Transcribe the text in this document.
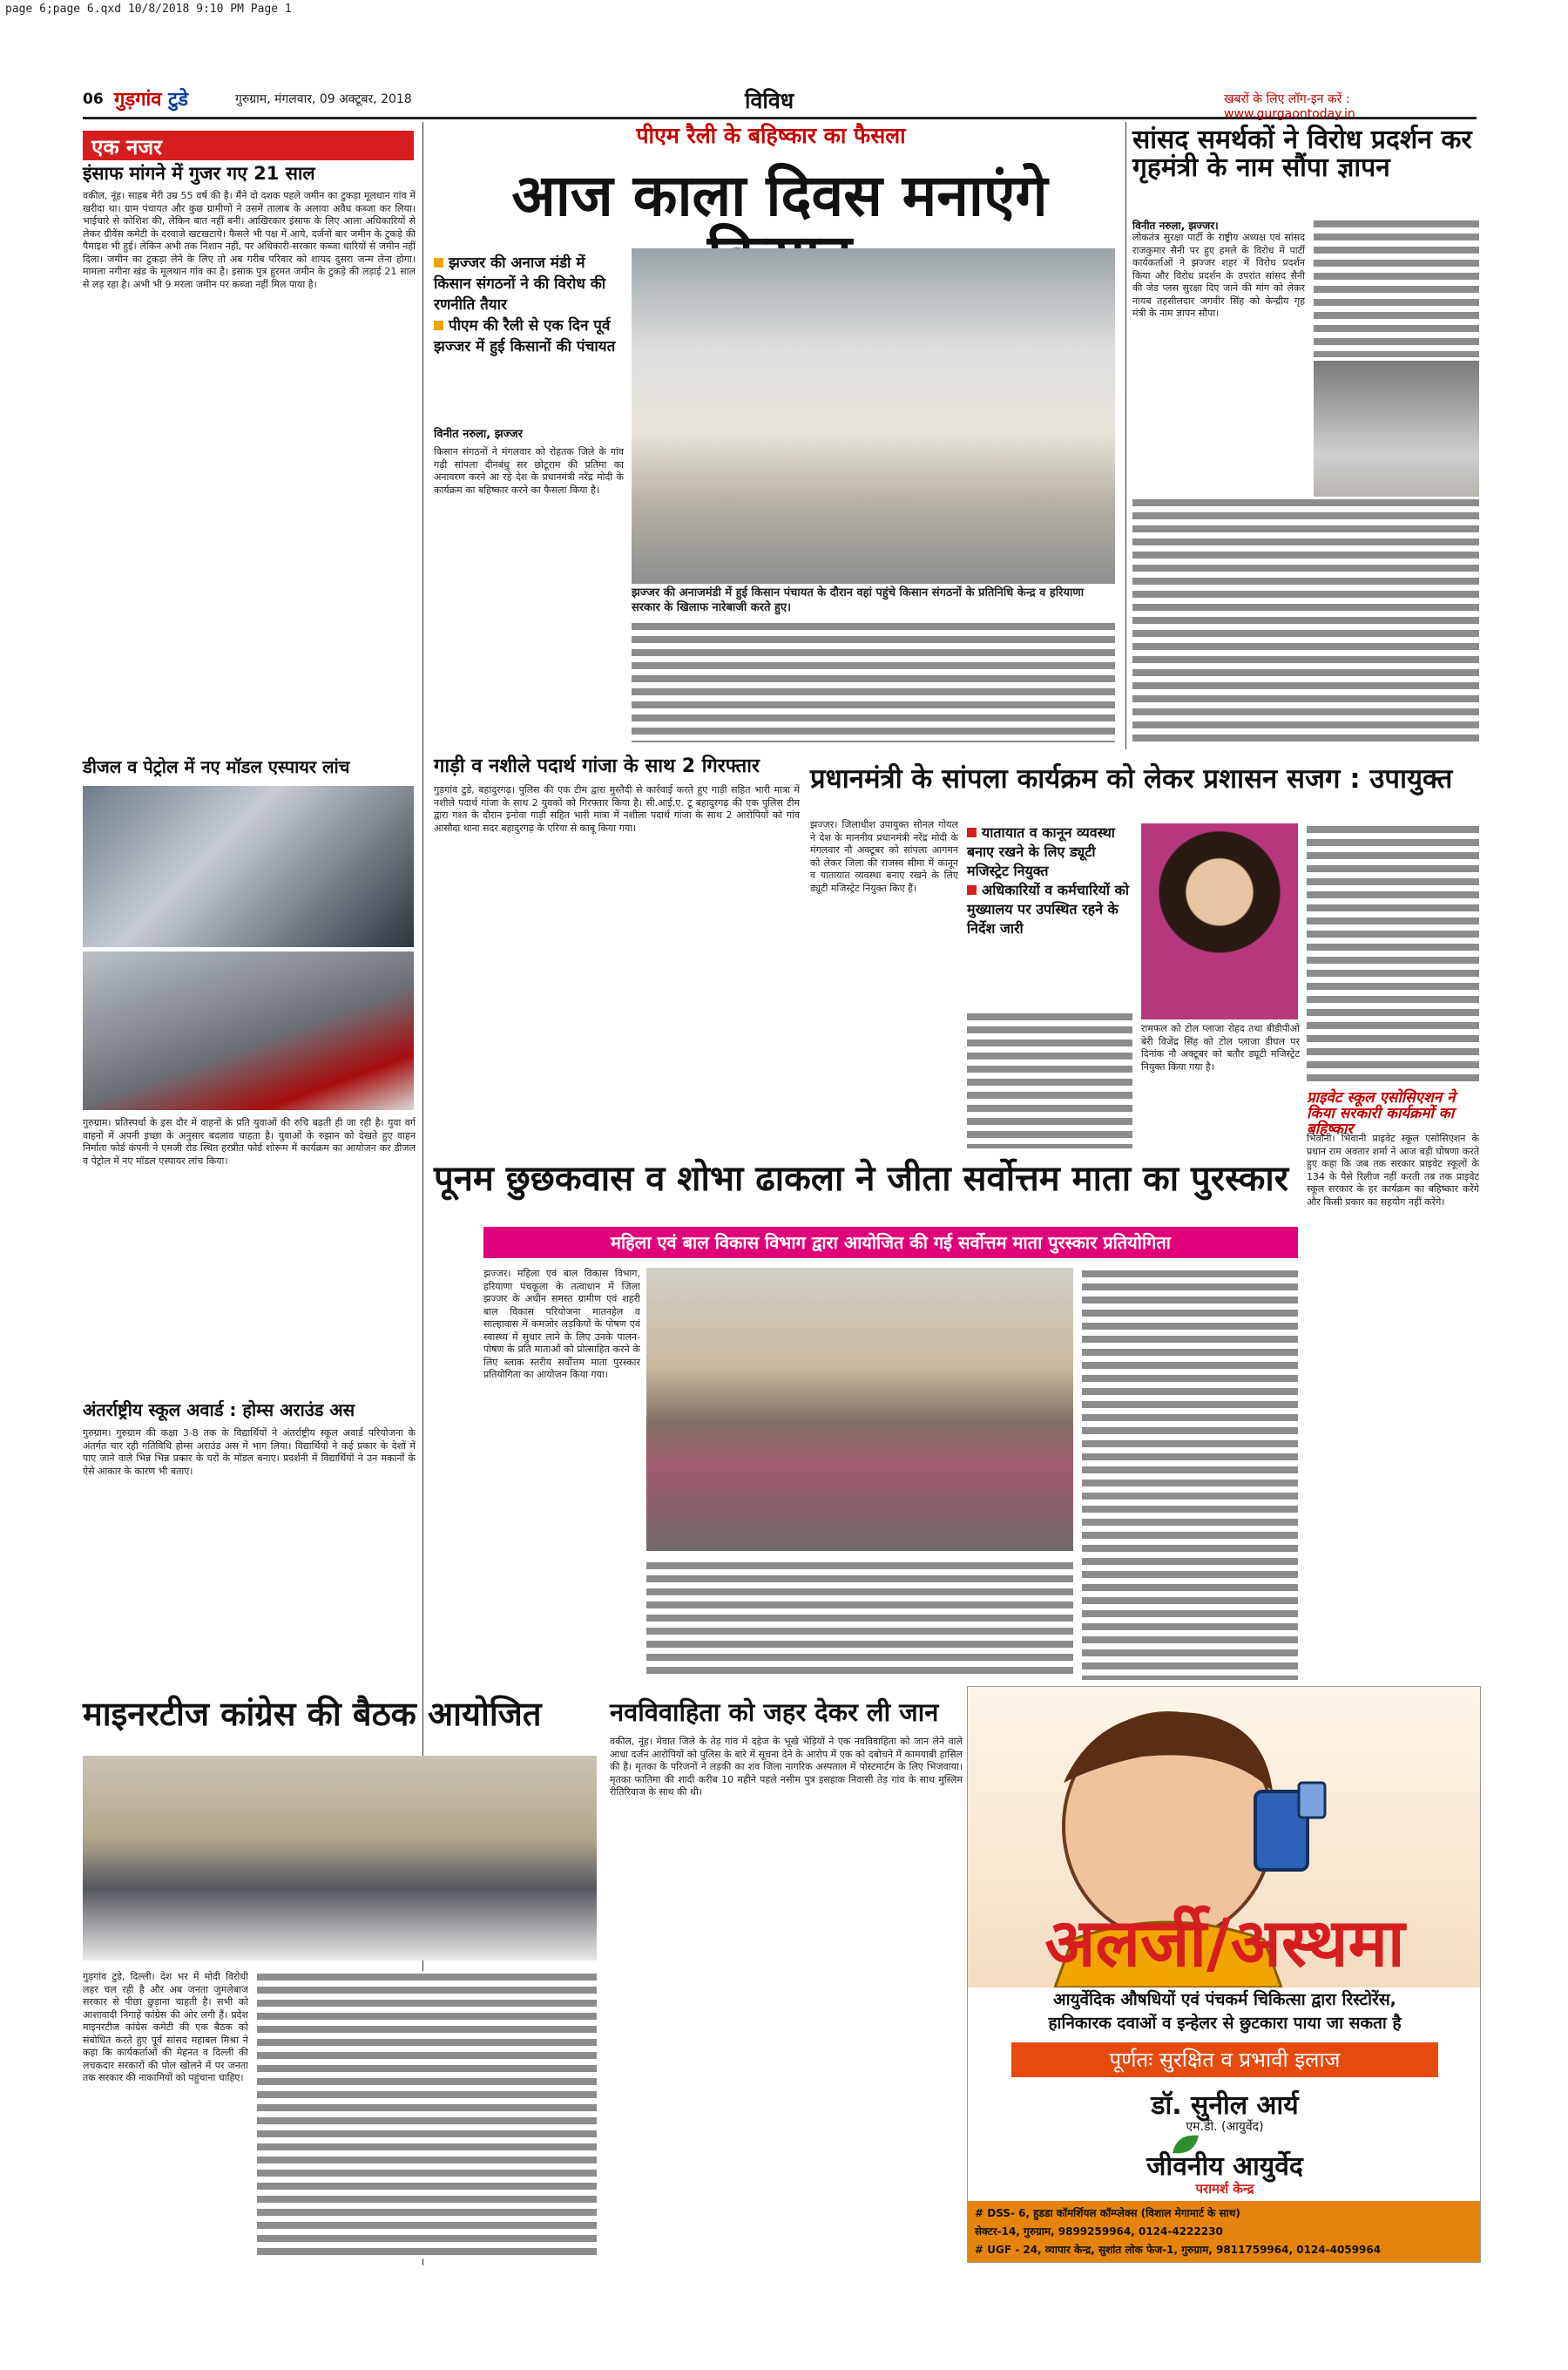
page 6;page 6.qxd 10/8/2018 9:10 PM Page 1
06 गुड़गांव टुडे	गुरुग्राम, मंगलवार, 09 अक्टूबर, 2018	विविध	खबरों के लिए लॉग-इन करें : www.gurgaontoday.in
एक नजर
इंसाफ मांगने में गुजर गए 21 साल
वकील, नूंह। साहब मेरी उम्र 55 वर्ष की है। मैंने दो दशक पहले जमीन का टुकड़ा मूलधान गांव में खरीदा था। ग्राम पंचायत और कुछ ग्रामीणों ने उसमें तालाब के अलावा अवैध कब्जा कर लिया। भाईचारे से कोशिश की, लेकिन बात नहीं बनी। आखिरकार इंसाफ के लिए आला अधिकारियों से लेकर ग्रीवेंस कमेटी के दरवाजे खटखटाये। फैसले भी पक्ष में आये, दर्जनों बार जमीन के टुकड़े की पैमाइश भी हुई। लेकिन अभी तक निशान नहीं, पर अधिकारी-सरकार कब्जा धारियों से जमीन नहीं दिला। जमीन का टुकड़ा लेने के लिए तो अब गरीब परिवार को शायद दुसरा जन्म लेना होगा। मामला नगीना खंड के मूलथान गांव का है। इसाक पुत्र हुरमत जमीन के टुकड़े की लड़ाई 21 साल से लड़ रहा है। अभी भी 9 मरला जमीन पर कब्जा नहीं मिल पाया है।
डीजल व पेट्रोल में नए मॉडल एस्पायर लांच
गुरुग्राम। प्रतिस्पर्धा के इस दौर में वाहनों के प्रति युवाओं की रुचि बढ़ती ही जा रही है। युवा वर्ग वाहनों में अपनी इच्छा के अनुसार बदलाव चाहता है। युवाओं के रुझान को देखते हुए वाहन निर्माता फोर्ड कंपनी ने एमजी रोड स्थित हरप्रीत फोर्ड शोरूम में कार्यक्रम का आयोजन कर डीजल व पेट्रोल में नए मॉडल एस्पायर लांच किया।
अंतर्राष्ट्रीय स्कूल अवार्ड : होम्स अराउंड अस
गुरुग्राम। गुरुग्राम की कक्षा 3-8 तक के विद्यार्थियों ने अंतर्राष्ट्रीय स्कूल अवार्ड परियोजना के अंतर्गत चार रही गतिविधि होम्स अराउंड अस में भाग लिया। विद्यार्थियों ने कई प्रकार के देशों में पाए जाने वाले भिन्न भिन्न प्रकार के घरों के मॉडल बनाए। प्रदर्शनी में विद्यार्थियों ने उन मकानों के ऐसे आकार के कारण भी बताए।
पीएम रैली के बहिष्कार का फैसला
आज काला दिवस मनाएंगे
झज्जर की अनाज मंडी में किसान संगठनों ने की विरोध की रणनीति तैयार
पीएम की रैली से एक दिन पूर्व झज्जर में हुई किसानों की पंचायत
विनीत नरुला, झज्जर
झज्जर की अनाजमंडी में हुई किसान पंचायत के दौरान वहां पहुंचे किसान संगठनों के प्रतिनिधि केन्द्र व हरियाणा सरकार के खिलाफ नारेबाजी करते हुए।
किसान संगठनों ने मंगलवार को रोहतक जिले के गांव गढ़ी सांपला दीनबंधु सर छोटूराम की प्रतिमा का अनावरण करने आ रहे देश के प्रधानमंत्री नरेंद्र मोदी के कार्यक्रम का बहिष्कार करने का फैसला किया है।
सांसद समर्थकों ने विरोध प्रदर्शन कर गृहमंत्री के नाम सौंपा ज्ञापन
विनीत नरुला, झज्जर।
लोकतंत्र सुरक्षा पार्टी के राष्ट्रीय अध्यक्ष एवं सांसद राजकुमार सैनी पर हुए हमले के विरोध में पार्टी कार्यकर्ताओं ने झज्जर शहर में विरोध प्रदर्शन किया और विरोध प्रदर्शन के उपरांत सांसद सैनी की जेड प्लस सुरक्षा दिए जाने की मांग को लेकर नायब तहसीलदार जगवीर सिंह को केन्द्रीय गृह मंत्री के नाम ज्ञापन सौंपा।
गाड़ी व नशीले पदार्थ गांजा के साथ 2 गिरफ्तार
गुड़गांव टुडे, बहादुरगढ़। पुलिस की एक टीम द्वारा मुस्तैदी से कार्रवाई करते हुए गाड़ी सहित भारी मात्रा में नशीले पदार्थ गांजा के साथ 2 युवकों को गिरफ्तार किया है। सी.आई.ए. टू बहादुरगढ़ की एक पुलिस टीम द्वारा गश्त के दौरान इनोवा गाड़ी सहित भारी मात्रा में नशीला पदार्थ गांजा के साथ 2 आरोपियों को गांव आसौदा थाना सदर बहादुरगढ़ के एरिया से काबू किया गया।
प्रधानमंत्री के सांपला कार्यक्रम को लेकर प्रशासन सजग : उपायुक्त
झज्जर। जिलाधीश उपायुक्त सोनल गोयल ने देश के माननीय प्रधानमंत्री नरेंद्र मोदी के मंगलवार नौ अक्टूबर को सांपला आगमन को लेकर जिला की राजस्व सीमा में कानून व यातायात व्यवस्था बनाए रखने के लिए ड्यूटी मजिस्ट्रेट नियुक्त किए हैं।
यातायात व कानून व्यवस्था बनाए रखने के लिए ड्यूटी मजिस्ट्रेट नियुक्त
अधिकारियों व कर्मचारियों को मुख्यालय पर उपस्थित रहने के निर्देश जारी
रामफल को टोल प्लाजा रोहद तथा बीडीपीओ बेरी विजेंद्र सिंह को टोल प्लाजा डीघल पर दिनांक नौ अक्टूबर को बतौर ड्यूटी मजिस्ट्रेट नियुक्त किया गया है।
प्राइवेट स्कूल एसोसिएशन ने किया सरकारी कार्यक्रमों का बहिष्कार
भिवानी। भिवानी प्राइवेट स्कूल एसोसिएशन के प्रधान राम अवतार शर्मा ने आज बड़ी घोषणा करते हुए कहा कि जब तक सरकार प्राइवेट स्कूलों के 134 के पैसे रिलीज नहीं करती तब तक प्राइवेट स्कूल सरकार के हर कार्यक्रम का बहिष्कार करेंगे और किसी प्रकार का सहयोग नहीं करेंगे।
पूनम छुछकवास व शोभा ढाकला ने जीता सर्वोत्तम माता का पुरस्कार
महिला एवं बाल विकास विभाग द्वारा आयोजित की गई सर्वोत्तम माता पुरस्कार प्रतियोगिता
झज्जर। महिला एवं बाल विकास विभाग, हरियाणा पंचकूला के तत्वाधान में जिला झज्जर के अधीन समस्त ग्रामीण एवं शहरी बाल विकास परियोजना मातनहेल व साल्हावास में कमजोर लड़कियों के पोषण एवं स्वास्थ्य में सुधार लाने के लिए उनके पालन-पोषण के प्रति माताओं को प्रोत्साहित करने के लिए ब्लाक स्तरीय सर्वोत्तम माता पुरस्कार प्रतियोगिता का आयोजन किया गया।
माइनरटीज कांग्रेस की बैठक आयोजित
गुड़गांव टुडे, दिल्ली। देश भर में मोदी विरोधी लहर चल रही है और अब जनता जुमलेबाज सरकार से पीछा छुड़ाना चाहती है। सभी को आशावादी निगाहें कांग्रेस की ओर लगी हैं। प्रदेश माइनरटीज कांग्रेस कमेटी की एक बैठक को संबोधित करते हुए पूर्व सांसद महाबल मिश्रा ने कहा कि कार्यकर्ताओं की मेहनत व दिल्ली की लचकदार सरकारों की पोल खोलने में पर जनता तक सरकार की नाकामियों को पहुंचाना चाहिए।
नवविवाहिता को जहर देकर ली जान
वकील, नूंह। मेवात जिले के तेड़ गांव में दहेज के भूखे भेड़ियों ने एक नवविवाहिता को जान लेने वाले आधा दर्जन आरोपियों को पुलिस के बारे में सूचना देने के आरोप में एक को दबोचने में कामयाबी हासिल की है। मृतका के परिजनों ने लड़की का शव जिला नागरिक अस्पताल में पोस्टमार्टम के लिए भिजवाया। मृतका फातिमा की शादी करीब 10 महीने पहले नसीम पुत्र इसहाक निवासी तेड़ गांव के साथ मुस्लिम रीतिरिवाज के साथ की थी।
अलर्जी/अस्थमा
आयुर्वेदिक औषधियों एवं पंचकर्म चिकित्सा द्वारा रिस्टोरेंस,
हानिकारक दवाओं व इन्हेलर से छुटकारा पाया जा सकता है
पूर्णतः सुरक्षित व प्रभावी इलाज
डॉ. सुनील आर्य
एम.डी. (आयुर्वेद)
जीवनीय आयुर्वेद
परामर्श केन्द्र
# DSS- 6, हुडडा कॉमर्शियल कॉम्प्लेक्स (विशाल मेगामार्ट के साथ)
सेक्टर-14, गुरुग्राम, 9899259964, 0124-4222230
# UGF - 24, व्यापार केन्द्र, सुशांत लोक फेज-1, गुरुग्राम, 9811759964, 0124-4059964
